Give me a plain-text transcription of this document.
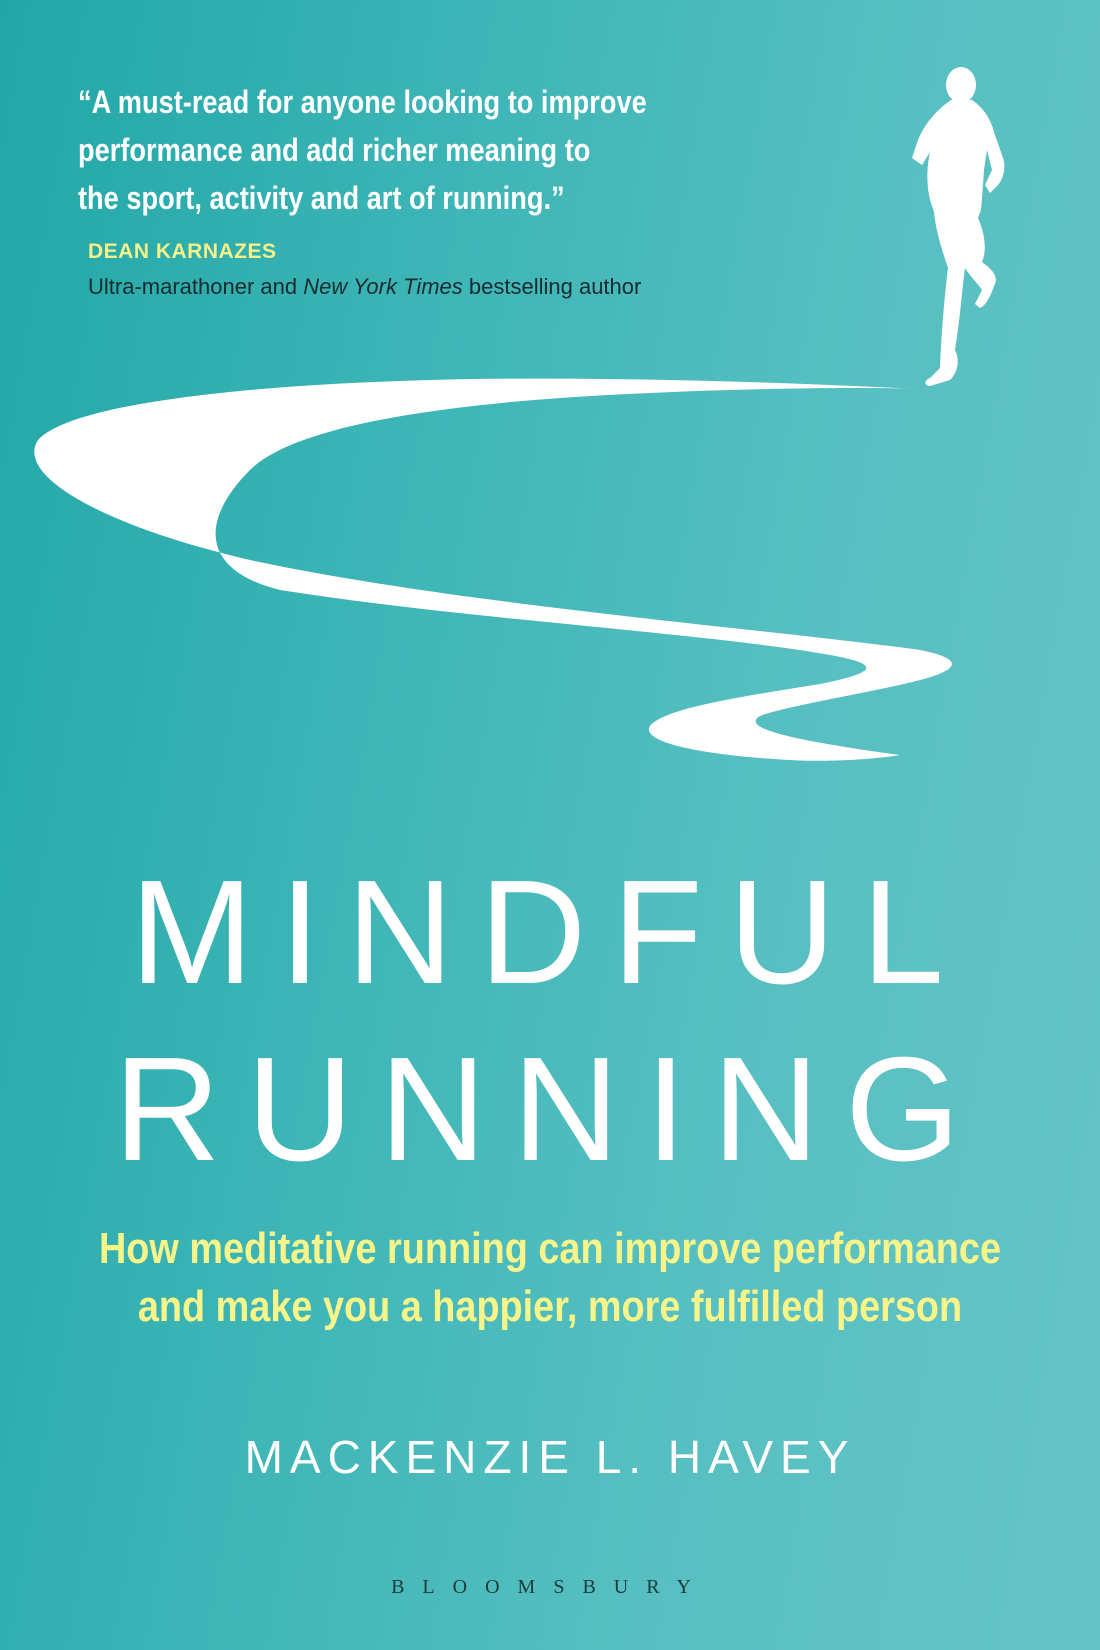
“A must-read for anyone looking to improve
performance and add richer meaning to
the sport, activity and art of running.”

DEAN KARNAZES
Ultra-marathoner and New York Times bestselling author
MINDFUL
RUNNING
How meditative running can improve performance
and make you a happier, more fulfilled person
MACKENZIE L. HAVEY
BLOOMSBURY
